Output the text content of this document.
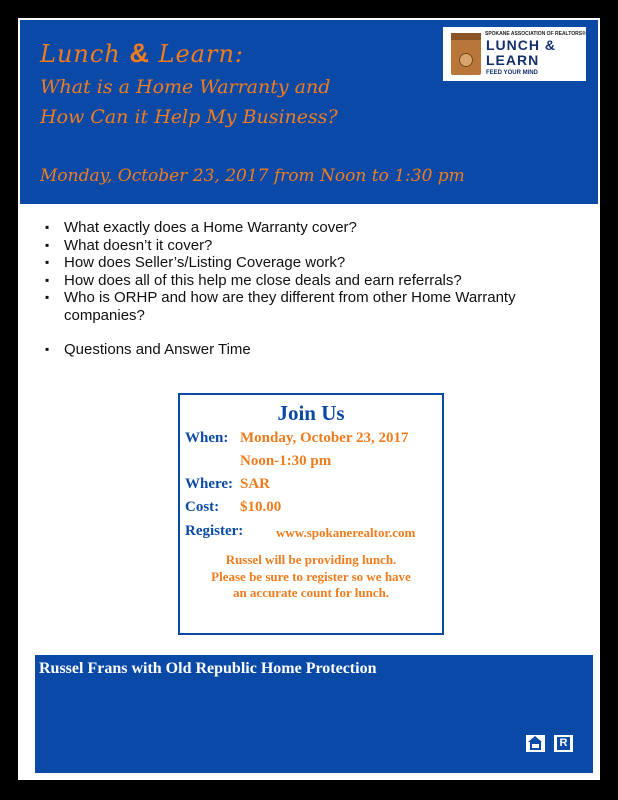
Lunch & Learn:
What is a Home Warranty and
How Can it Help My Business?
Monday, October 23, 2017 from Noon to 1:30 pm
SPOKANE ASSOCIATION OF REALTORS®
LUNCH &
LEARN
FEED YOUR MIND
▪ What exactly does a Home Warranty cover?
▪ What doesn’t it cover?
▪ How does Seller’s/Listing Coverage work?
▪ How does all of this help me close deals and earn referrals?
▪ Who is ORHP and how are they different from other Home Warranty companies?
▪ Questions and Answer Time
Join Us
When: Monday, October 23, 2017
Noon-1:30 pm
Where: SAR
Cost: $10.00
Register:	www.spokanerealtor.com
Russel will be providing lunch.
Please be sure to register so we have
an accurate count for lunch.
Russel Frans with Old Republic Home Protection
R
